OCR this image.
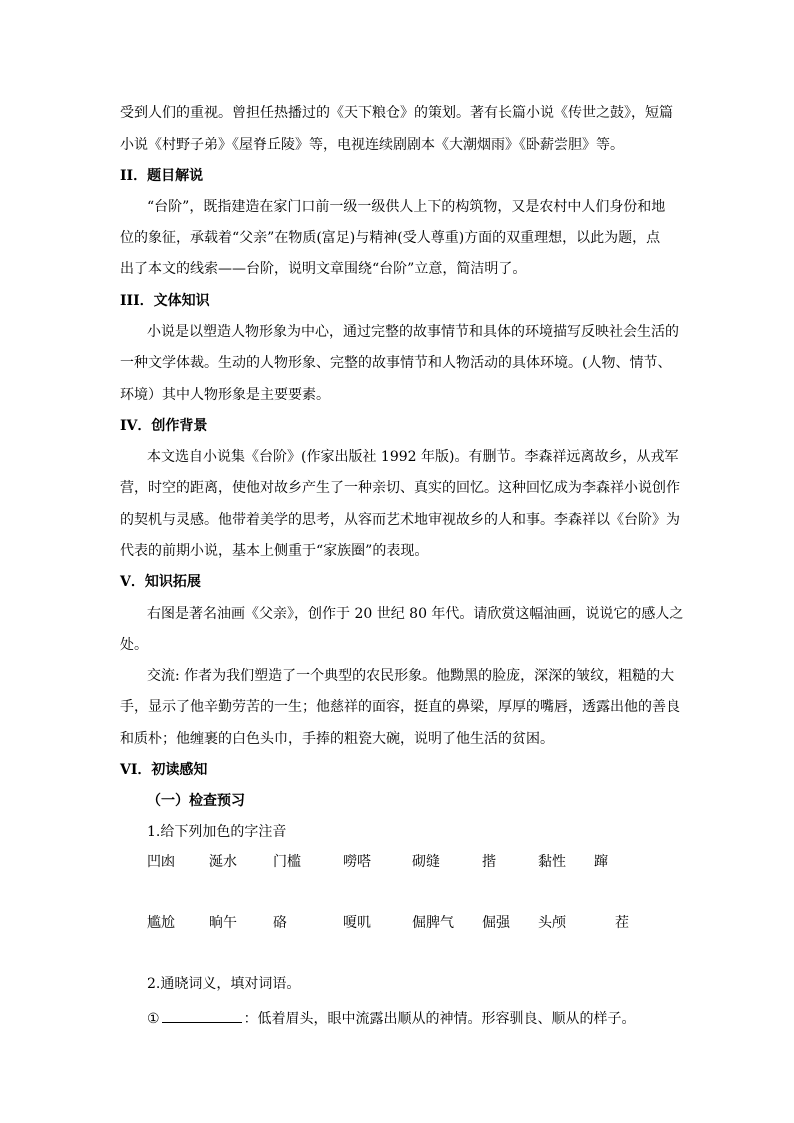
受到人们的重视。曾担任热播过的《天下粮仓》的策划。著有长篇小说《传世之鼓》，短篇
小说《村野子弟》《屋脊丘陵》等，电视连续剧剧本《大潮烟雨》《卧薪尝胆》等。
II．题目解说
“台阶”，既指建造在家门口前一级一级供人上下的构筑物，又是农村中人们身份和地
位的象征，承载着“父亲”在物质(富足)与精神(受人尊重)方面的双重理想，以此为题，点
出了本文的线索——台阶，说明文章围绕“台阶”立意，简洁明了。
III．文体知识
小说是以塑造人物形象为中心，通过完整的故事情节和具体的环境描写反映社会生活的
一种文学体裁。生动的人物形象、完整的故事情节和人物活动的具体环境。(人物、情节、
环境）其中人物形象是主要要素。
IV．创作背景
本文选自小说集《台阶》(作家出版社 1992 年版)。有删节。李森祥远离故乡，从戎军
营，时空的距离，使他对故乡产生了一种亲切、真实的回忆。这种回忆成为李森祥小说创作
的契机与灵感。他带着美学的思考，从容而艺术地审视故乡的人和事。李森祥以《台阶》为
代表的前期小说，基本上侧重于“家族圈”的表现。
V．知识拓展
右图是著名油画《父亲》，创作于 20 世纪 80 年代。请欣赏这幅油画，说说它的感人之
处。
交流: 作者为我们塑造了一个典型的农民形象。他黝黑的脸庞，深深的皱纹，粗糙的大
手，显示了他辛勤劳苦的一生；他慈祥的面容，挺直的鼻梁，厚厚的嘴唇，透露出他的善良
和质朴；他缠裹的白色头巾，手捧的粗瓷大碗，说明了他生活的贫困。
VI．初读感知
（一）检查预习
1.给下列加色的字注音
凹凼 涎水	门槛	嘮嗒	砌缝	揩	黏性 蹿
尴尬 晌午	硌	嗄叽	倔脾气 倔强 头颅	茬
2.通晓词义，填对词语。
①	：低着眉头，眼中流露出顺从的神情。形容驯良、顺从的样子。
